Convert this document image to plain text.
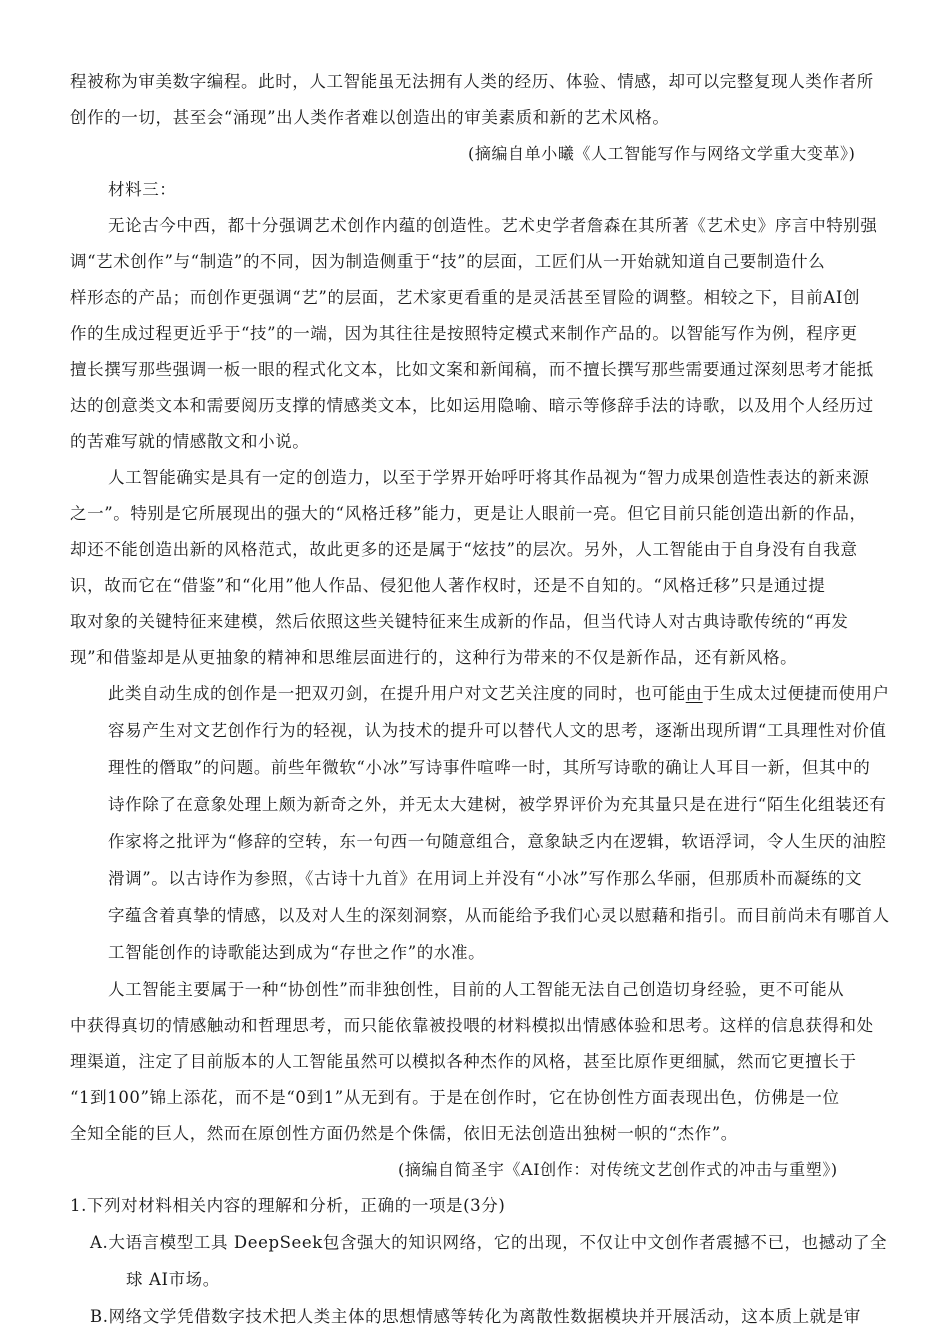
程被称为审美数字编程。此时，人工智能虽无法拥有人类的经历、体验、情感，却可以完整复现人类作者所

创作的一切，甚至会“涌现”出人类作者难以创造出的审美素质和新的艺术风格。

(摘编自单小曦《人工智能写作与网络文学重大变革》)

材料三：

无论古今中西，都十分强调艺术创作内蕴的创造性。艺术史学者詹森在其所著《艺术史》序言中特别强

调“艺术创作”与“制造”的不同，因为制造侧重于“技”的层面，工匠们从一开始就知道自己要制造什么

样形态的产品；而创作更强调“艺”的层面，艺术家更看重的是灵活甚至冒险的调整。相较之下，目前AI创

作的生成过程更近乎于“技”的一端，因为其往往是按照特定模式来制作产品的。以智能写作为例，程序更

擅长撰写那些强调一板一眼的程式化文本，比如文案和新闻稿，而不擅长撰写那些需要通过深刻思考才能抵

达的创意类文本和需要阅历支撑的情感类文本，比如运用隐喻、暗示等修辞手法的诗歌，以及用个人经历过

的苦难写就的情感散文和小说。

人工智能确实是具有一定的创造力，以至于学界开始呼吁将其作品视为“智力成果创造性表达的新来源

之一”。特别是它所展现出的强大的“风格迁移”能力，更是让人眼前一亮。但它目前只能创造出新的作品，

却还不能创造出新的风格范式，故此更多的还是属于“炫技”的层次。另外，人工智能由于自身没有自我意

识，故而它在“借鉴”和“化用”他人作品、侵犯他人著作权时，还是不自知的。“风格迁移”只是通过提

取对象的关键特征来建模，然后依照这些关键特征来生成新的作品，但当代诗人对古典诗歌传统的“再发

现”和借鉴却是从更抽象的精神和思维层面进行的，这种行为带来的不仅是新作品，还有新风格。

此类自动生成的创作是一把双刃剑，在提升用户对文艺关注度的同时，也可能由于生成太过便捷而使用户

容易产生对文艺创作行为的轻视，认为技术的提升可以替代人文的思考，逐渐出现所谓“工具理性对价值

理性的僭取”的问题。前些年微软“小冰”写诗事件喧哗一时，其所写诗歌的确让人耳目一新，但其中的

诗作除了在意象处理上颇为新奇之外，并无太大建树，被学界评价为充其量只是在进行“陌生化组装还有

作家将之批评为“修辞的空转，东一句西一句随意组合，意象缺乏内在逻辑，软语浮词，令人生厌的油腔

滑调”。以古诗作为参照，《古诗十九首》在用词上并没有“小冰”写作那么华丽，但那质朴而凝练的文

字蕴含着真挚的情感，以及对人生的深刻洞察，从而能给予我们心灵以慰藉和指引。而目前尚未有哪首人

工智能创作的诗歌能达到成为“存世之作”的水准。

人工智能主要属于一种“协创性”而非独创性，目前的人工智能无法自己创造切身经验，更不可能从

中获得真切的情感触动和哲理思考，而只能依靠被投喂的材料模拟出情感体验和思考。这样的信息获得和处

理渠道，注定了目前版本的人工智能虽然可以模拟各种杰作的风格，甚至比原作更细腻，然而它更擅长于

“1到100”锦上添花，而不是“0到1”从无到有。于是在创作时，它在协创性方面表现出色，仿佛是一位

全知全能的巨人，然而在原创性方面仍然是个侏儒，依旧无法创造出独树一帜的“杰作”。

(摘编自简圣宇《AI创作：对传统文艺创作式的冲击与重塑》)

1.下列对材料相关内容的理解和分析，正确的一项是(3分)

A.大语言模型工具 DeepSeek包含强大的知识网络，它的出现，不仅让中文创作者震撼不已，也撼动了全

球 AI市场。

B.网络文学凭借数字技术把人类主体的思想情感等转化为离散性数据模块并开展活动，这本质上就是审
